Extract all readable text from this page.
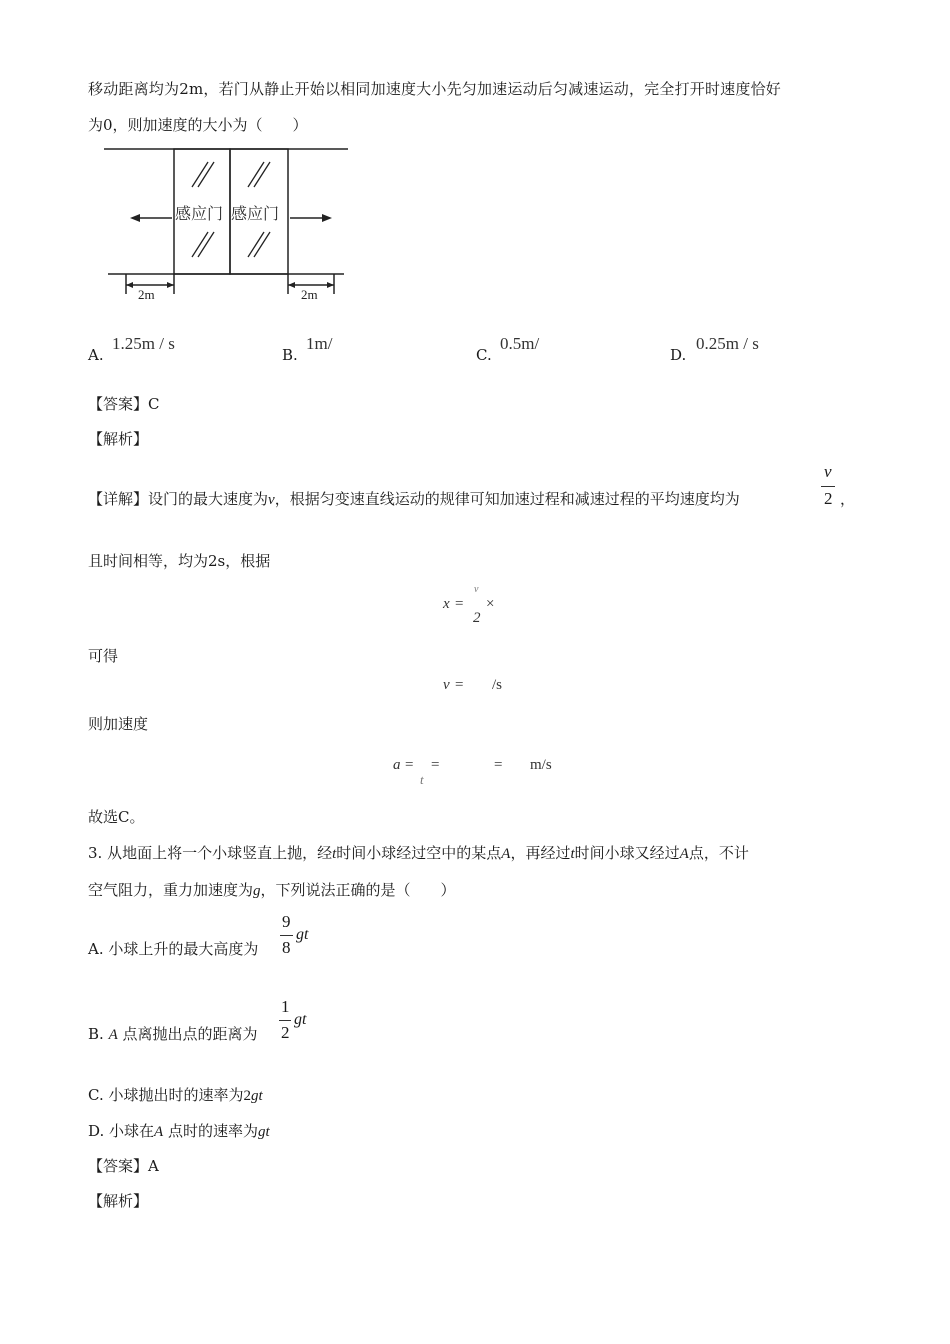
移动距离均为2m，若门从静止开始以相同加速度大小先匀加速运动后匀减速运动，完全打开时速度恰好
为0，则加速度的大小为（　　）
感应门 感应门
2m	2m
A.
1.25m / s
B.
1m/
C.
0.5m/
D.
0.25m / s
【答案】C
【解析】
【详解】设门的最大速度为v，根据匀变速直线运动的规律可知加速过程和减速过程的平均速度均为
v
2 ，
且时间相等，均为2s，根据
x =
v
2
×
可得
v = /s
则加速度
a =
t
=	= m/s
故选C。
3. 从地面上将一个小球竖直上抛，经t时间小球经过空中的某点A，再经过t时间小球又经过A点，不计
空气阻力，重力加速度为g，下列说法正确的是（　　）
A. 小球上升的最大高度为
9
8
gt
B. A 点离抛出点的距离为
1
2
gt
C. 小球抛出时的速率为2gt
D. 小球在A 点时的速率为gt
【答案】A
【解析】
